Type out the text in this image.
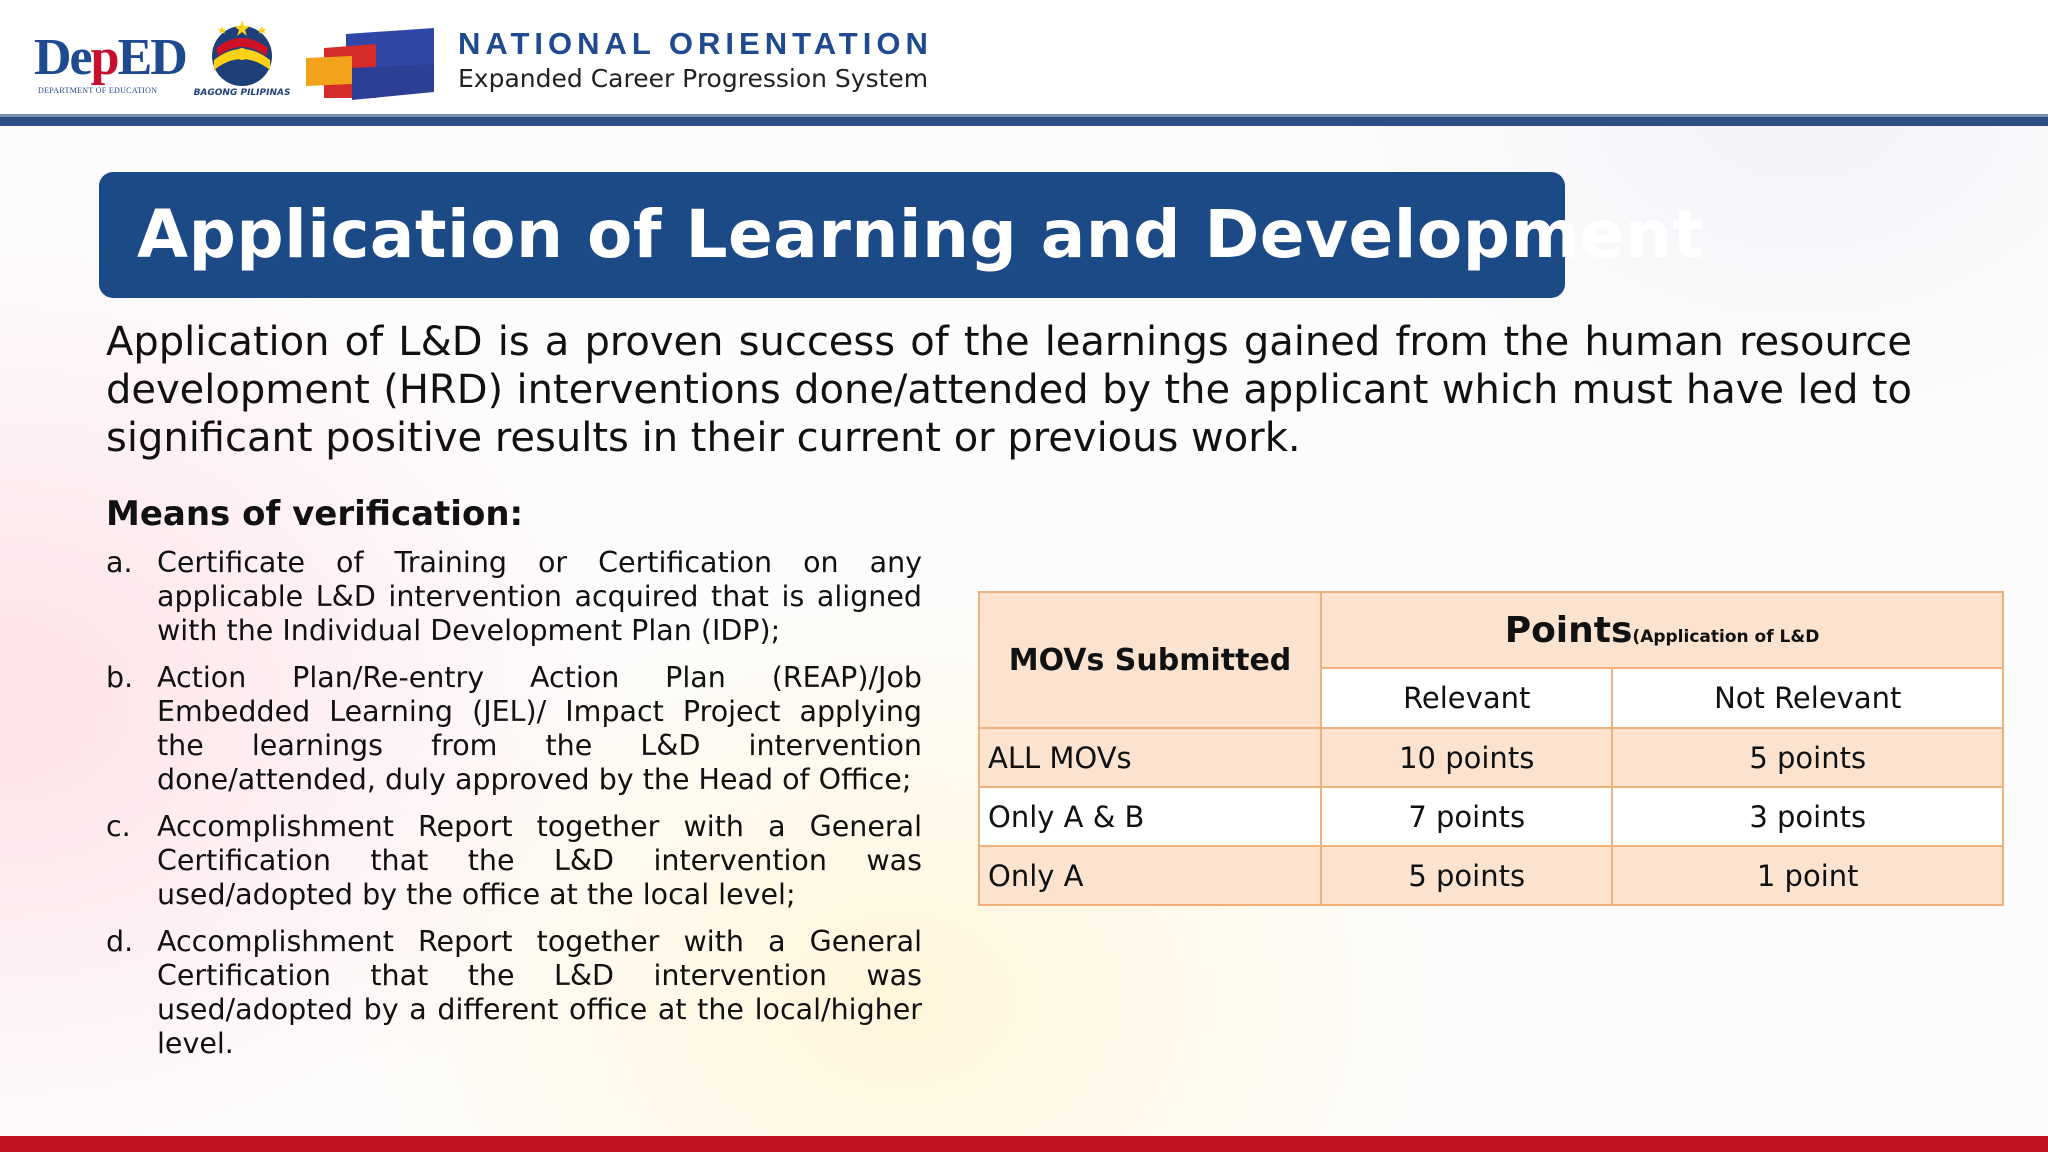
DepED
DEPARTMENT OF EDUCATION	BAGONG PILIPINAS
NATIONAL ORIENTATION
Expanded Career Progression System
Application of Learning and Development
Application of L&D is a proven success of the learnings gained from the human resource development (HRD) interventions done/attended by the applicant which must have led to significant positive results in their current or previous work.
Means of verification:
a. Certificate of Training or Certification on any applicable L&D intervention acquired that is aligned with the Individual Development Plan (IDP);
b. Action Plan/Re-entry Action Plan (REAP)/Job Embedded Learning (JEL)/ Impact Project applying the learnings from the L&D intervention done/attended, duly approved by the Head of Office;
c. Accomplishment Report together with a General Certification that the L&D intervention was used/adopted by the office at the local level;
d. Accomplishment Report together with a General Certification that the L&D intervention was used/adopted by a different office at the local/higher level.
MOVs Submitted	Points(Application of L&D	
	Relevant	Not Relevant
ALL MOVs	10 points	5 points
Only A & B	7 points	3 points
Only A	5 points	1 point
